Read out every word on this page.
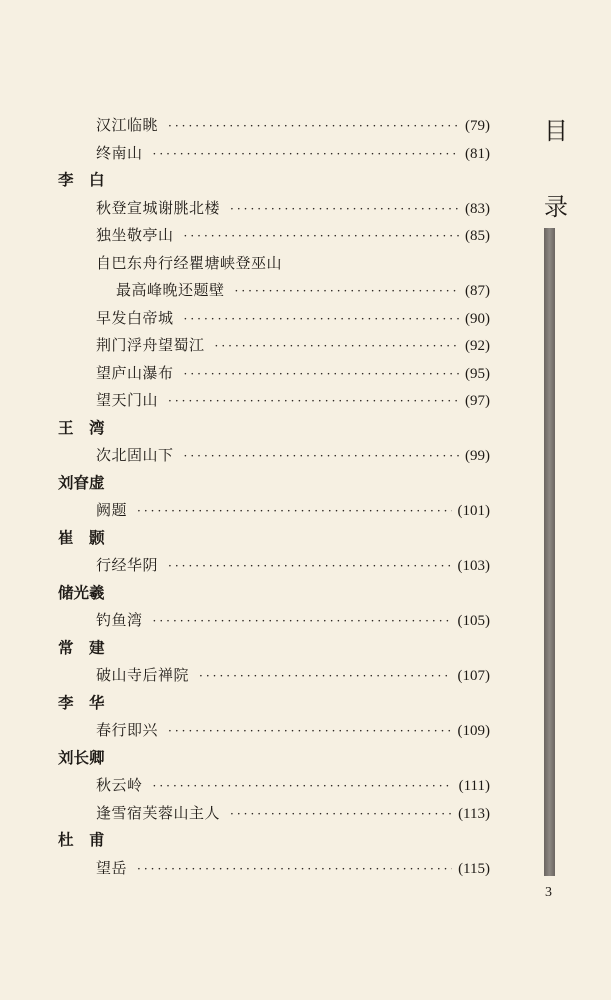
目
录
3
汉江临眺 ·····	(79)
终南山 ·····	(81)
李　白
秋登宣城谢朓北楼 ·····	(83)
独坐敬亭山 ·····	(85)
自巴东舟行经瞿塘峡登巫山
最高峰晚还题壁 ·····	(87)
早发白帝城 ·····	(90)
荆门浮舟望蜀江 ·····	(92)
望庐山瀑布 ·····	(95)
望天门山 ·····	(97)
王　湾
次北固山下 ·····	(99)
刘眘虚
阙题 ·····	(101)
崔　颢
行经华阴 ·····	(103)
储光羲
钓鱼湾 ·····	(105)
常　建
破山寺后禅院 ·····	(107)
李　华
春行即兴 ·····	(109)
刘长卿
秋云岭 ·····	(111)
逢雪宿芙蓉山主人 ·····	(113)
杜　甫
望岳 ·····	(115)
